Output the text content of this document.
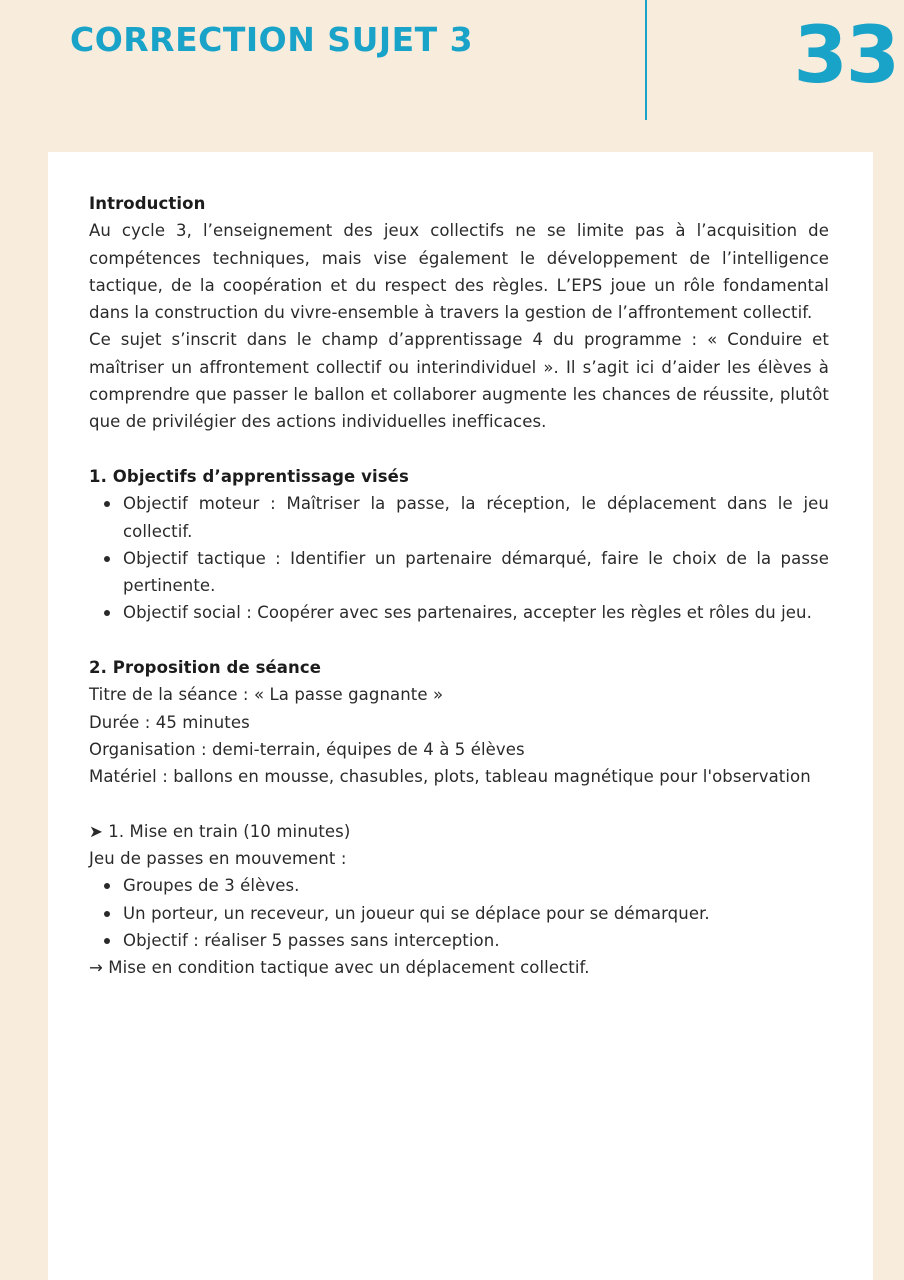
CORRECTION SUJET 3	33

Introduction

Au cycle 3, l’enseignement des jeux collectifs ne se limite pas à l’acquisition de compétences techniques, mais vise également le développement de l’intelligence tactique, de la coopération et du respect des règles. L’EPS joue un rôle fondamental dans la construction du vivre-ensemble à travers la gestion de l’affrontement collectif.

Ce sujet s’inscrit dans le champ d’apprentissage 4 du programme : « Conduire et maîtriser un affrontement collectif ou interindividuel ». Il s’agit ici d’aider les élèves à comprendre que passer le ballon et collaborer augmente les chances de réussite, plutôt que de privilégier des actions individuelles inefficaces.

1. Objectifs d’apprentissage visés

Objectif moteur : Maîtriser la passe, la réception, le déplacement dans le jeu collectif.
Objectif tactique : Identifier un partenaire démarqué, faire le choix de la passe pertinente.
Objectif social : Coopérer avec ses partenaires, accepter les règles et rôles du jeu.

2. Proposition de séance

Titre de la séance : « La passe gagnante »

Durée : 45 minutes

Organisation : demi-terrain, équipes de 4 à 5 élèves

Matériel : ballons en mousse, chasubles, plots, tableau magnétique pour l'observation

➤ 1. Mise en train (10 minutes)

Jeu de passes en mouvement :

Groupes de 3 élèves.
Un porteur, un receveur, un joueur qui se déplace pour se démarquer.
Objectif : réaliser 5 passes sans interception.

→ Mise en condition tactique avec un déplacement collectif.
